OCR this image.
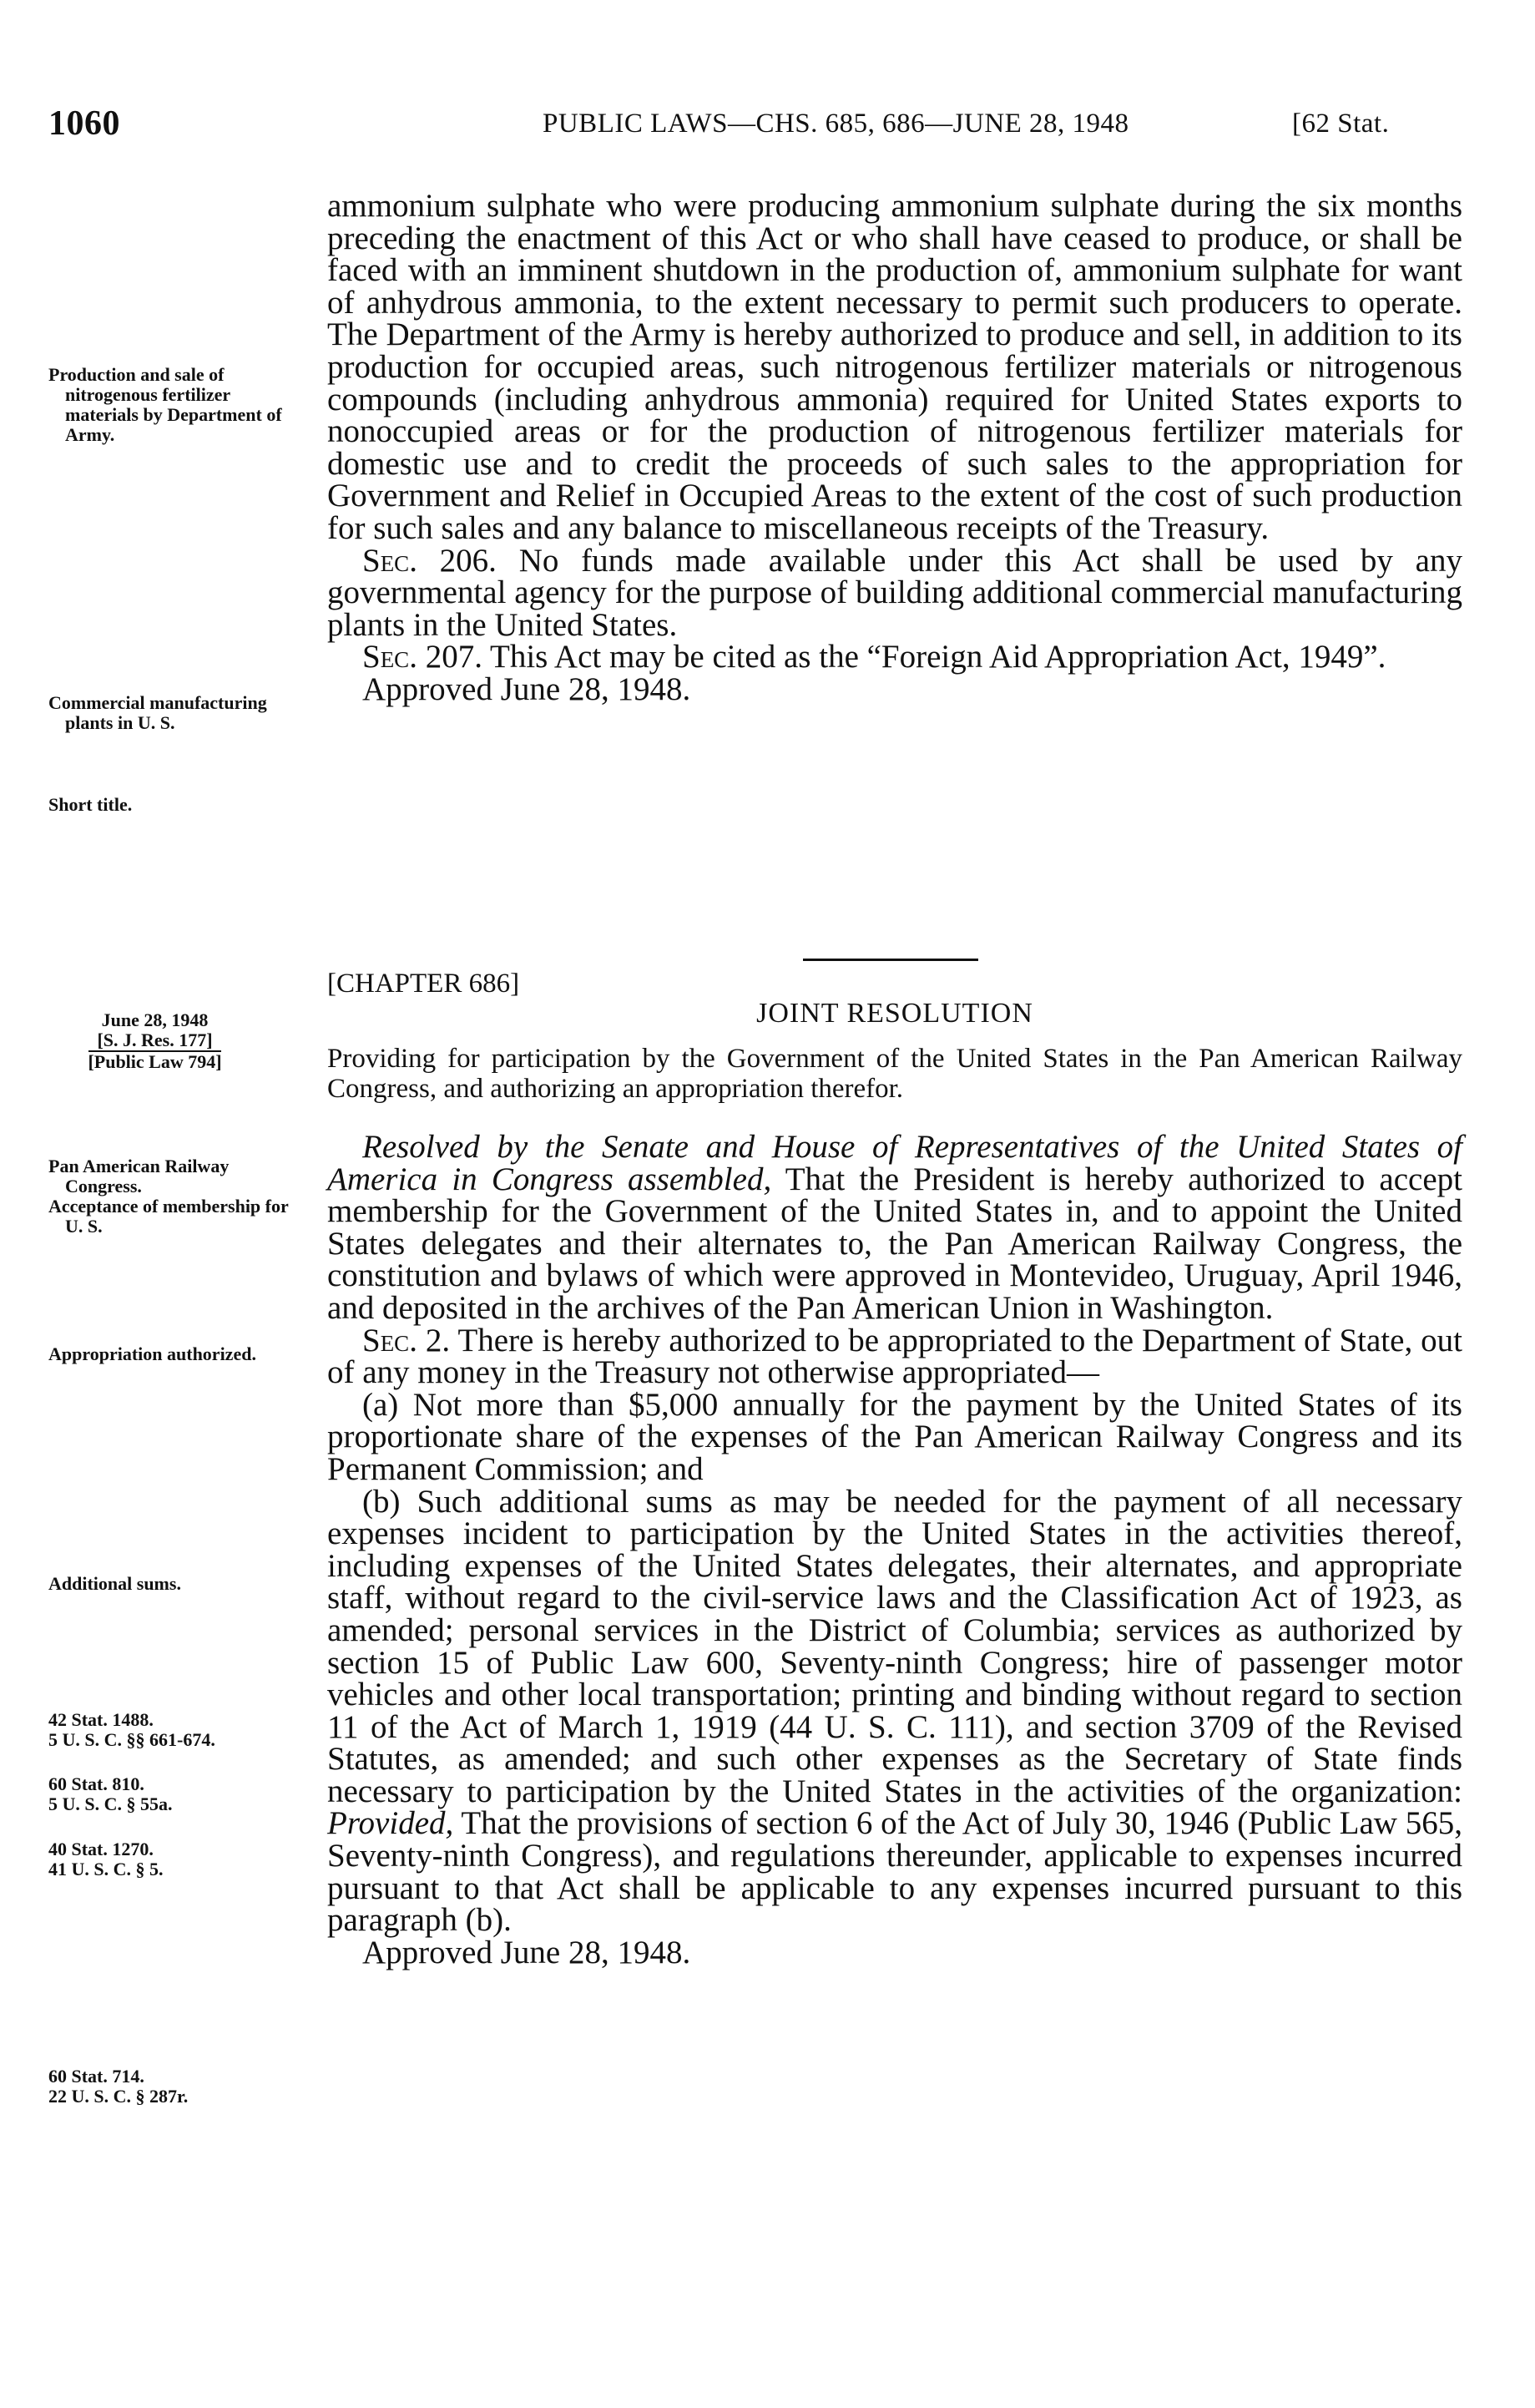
1060	PUBLIC LAWS—CHS. 685, 686—JUNE 28, 1948	[62 Stat.

ammonium sulphate who were producing ammonium sulphate during the six months preceding the enactment of this Act or who shall have ceased to produce, or shall be faced with an imminent shutdown in the production of, ammonium sulphate for want of anhydrous ammonia, to the extent necessary to permit such producers to operate. The Department of the Army is hereby authorized to produce and sell, in addition to its production for occupied areas, such nitrogenous fertilizer materials or nitrogenous compounds (including anhydrous ammonia) required for United States exports to nonoccupied areas or for the production of nitrogenous fertilizer materials for domestic use and to credit the proceeds of such sales to the appropriation for Government and Relief in Occupied Areas to the extent of the cost of such production for such sales and any balance to miscellaneous receipts of the Treasury.

Sec. 206. No funds made available under this Act shall be used by any governmental agency for the purpose of building additional commercial manufacturing plants in the United States.

Sec. 207. This Act may be cited as the “Foreign Aid Appropriation Act, 1949”.

Approved June 28, 1948.

[CHAPTER 686]
JOINT RESOLUTION
Providing for participation by the Government of the United States in the Pan American Railway Congress, and authorizing an appropriation therefor.

Resolved by the Senate and House of Representatives of the United States of America in Congress assembled, That the President is hereby authorized to accept membership for the Government of the United States in, and to appoint the United States delegates and their alternates to, the Pan American Railway Congress, the constitution and bylaws of which were approved in Montevideo, Uruguay, April 1946, and deposited in the archives of the Pan American Union in Washington.

Sec. 2. There is hereby authorized to be appropriated to the Department of State, out of any money in the Treasury not otherwise appropriated—

(a) Not more than $5,000 annually for the payment by the United States of its proportionate share of the expenses of the Pan American Railway Congress and its Permanent Commission; and

(b) Such additional sums as may be needed for the payment of all necessary expenses incident to participation by the United States in the activities thereof, including expenses of the United States delegates, their alternates, and appropriate staff, without regard to the civil-service laws and the Classification Act of 1923, as amended; personal services in the District of Columbia; services as authorized by section 15 of Public Law 600, Seventy-ninth Congress; hire of passenger motor vehicles and other local transportation; printing and binding without regard to section 11 of the Act of March 1, 1919 (44 U. S. C. 111), and section 3709 of the Revised Statutes, as amended; and such other expenses as the Secretary of State finds necessary to participation by the United States in the activities of the organization: Provided, That the provisions of section 6 of the Act of July 30, 1946 (Public Law 565, Seventy-ninth Congress), and regulations thereunder, applicable to expenses incurred pursuant to that Act shall be applicable to any expenses incurred pursuant to this paragraph (b).

Approved June 28, 1948.

Production and sale of nitrogenous fertilizer materials by Department of Army.
Commercial manufacturing plants in U. S.
Short title.
June 28, 1948
[S. J. Res. 177]
[Public Law 794]
Pan American Railway Congress.
Acceptance of membership for U. S.
Appropriation authorized.
Additional sums.
42 Stat. 1488.
5 U. S. C. §§ 661-674.
60 Stat. 810.
5 U. S. C. § 55a.
40 Stat. 1270.
41 U. S. C. § 5.
60 Stat. 714.
22 U. S. C. § 287r.
